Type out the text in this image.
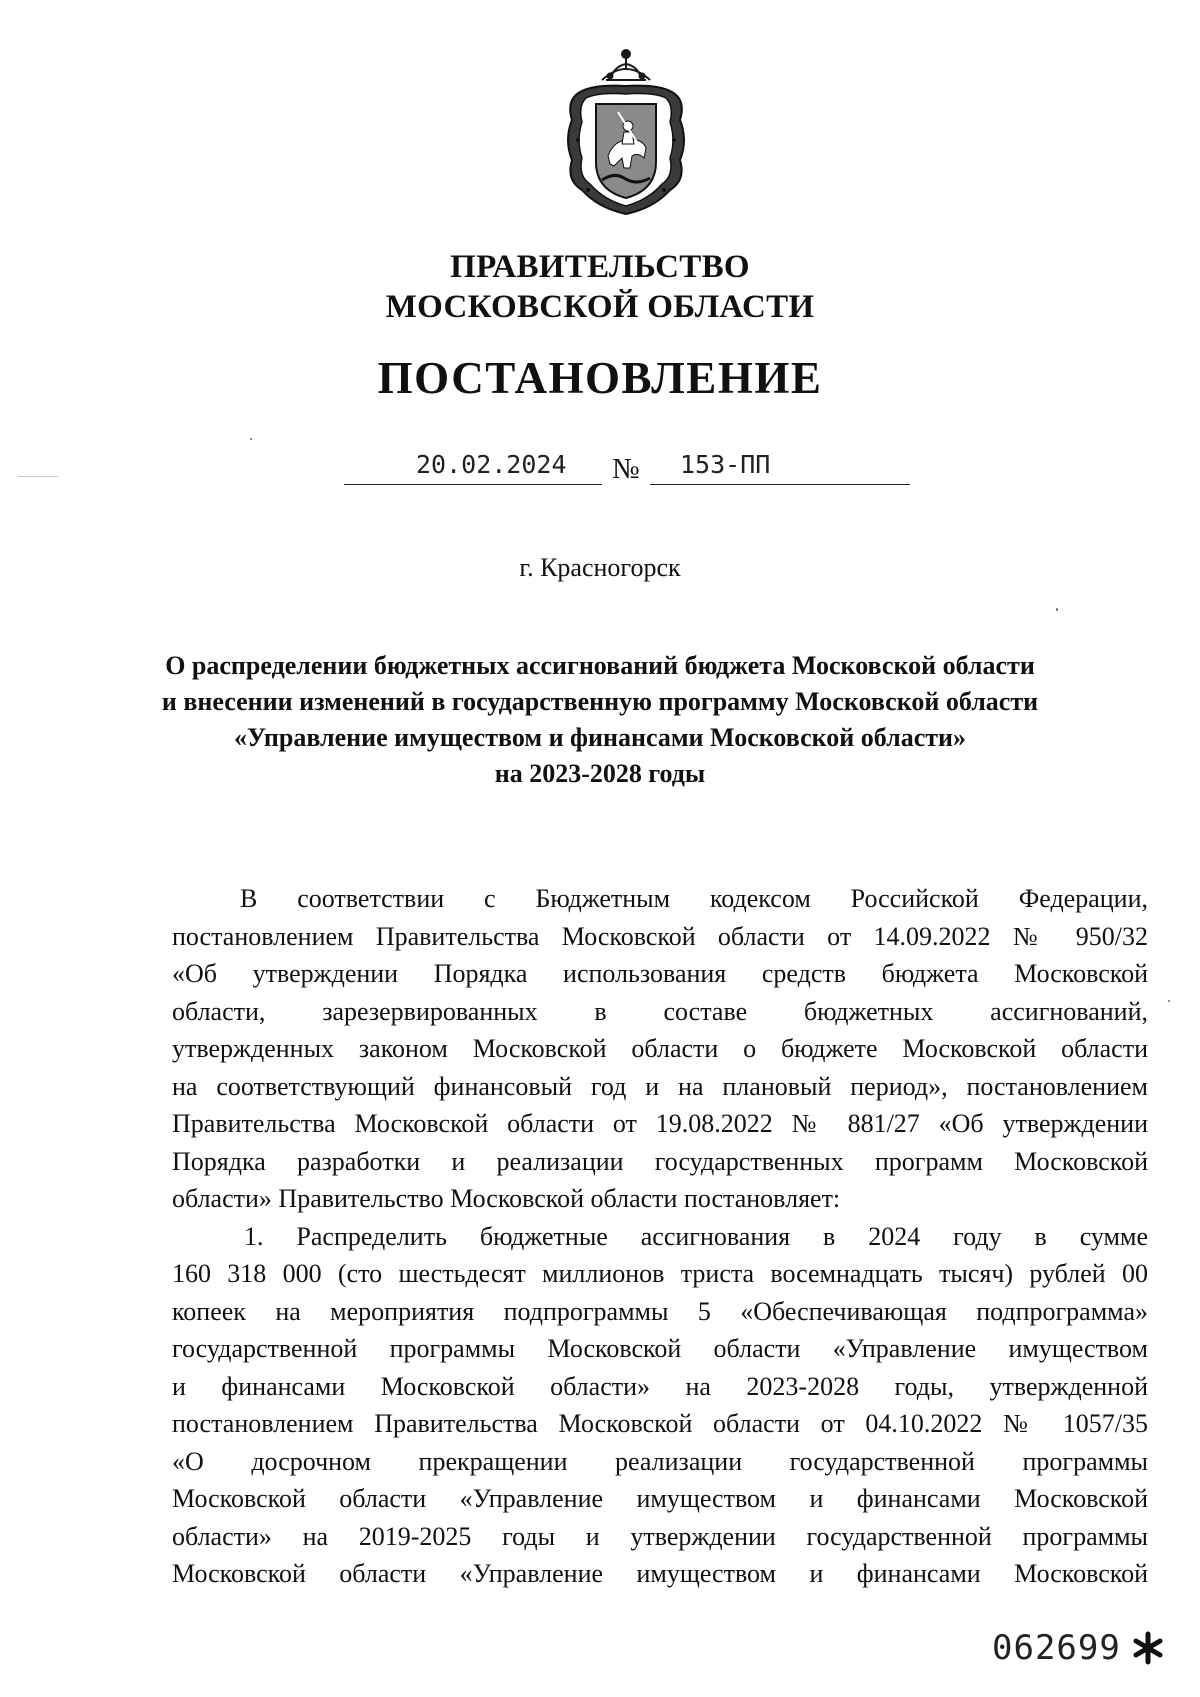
ПРАВИТЕЛЬСТВО
МОСКОВСКОЙ ОБЛАСТИ
ПОСТАНОВЛЕНИЕ
20.02.2024 № 153-ПП
г. Красногорск
О распределении бюджетных ассигнований бюджета Московской области
и внесении изменений в государственную программу Московской области
«Управление имуществом и финансами Московской области»
на 2023-2028 годы
В соответствии с Бюджетным кодексом Российской Федерации,
постановлением Правительства Московской области от 14.09.2022 № 950/32
«Об утверждении Порядка использования средств бюджета Московской
области, зарезервированных в составе бюджетных ассигнований,
утвержденных законом Московской области о бюджете Московской области
на соответствующий финансовый год и на плановый период», постановлением
Правительства Московской области от 19.08.2022 № 881/27 «Об утверждении
Порядка разработки и реализации государственных программ Московской
области» Правительство Московской области постановляет:
1. Распределить бюджетные ассигнования в 2024 году в сумме
160 318 000 (сто шестьдесят миллионов триста восемнадцать тысяч) рублей 00
копеек на мероприятия подпрограммы 5 «Обеспечивающая подпрограмма»
государственной программы Московской области «Управление имуществом
и финансами Московской области» на 2023-2028 годы, утвержденной
постановлением Правительства Московской области от 04.10.2022 № 1057/35
«О досрочном прекращении реализации государственной программы
Московской области «Управление имуществом и финансами Московской
области» на 2019-2025 годы и утверждении государственной программы
Московской области «Управление имуществом и финансами Московской
062699
